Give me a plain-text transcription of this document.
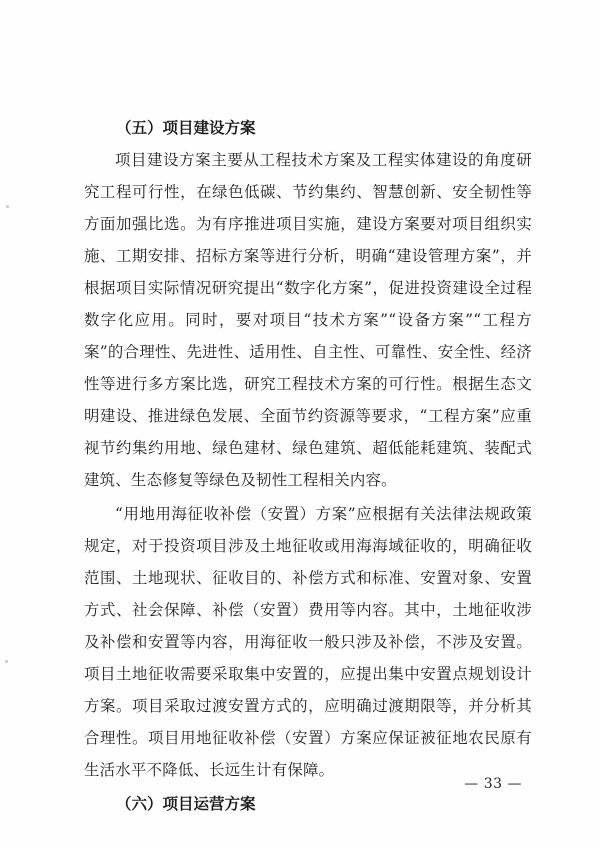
（五）项目建设方案

项目建设方案主要从工程技术方案及工程实体建设的角度研究工程可行性，在绿色低碳、节约集约、智慧创新、安全韧性等方面加强比选。为有序推进项目实施，建设方案要对项目组织实施、工期安排、招标方案等进行分析，明确“建设管理方案”，并根据项目实际情况研究提出“数字化方案”，促进投资建设全过程数字化应用。同时，要对项目“技术方案”“设备方案”“工程方案”的合理性、先进性、适用性、自主性、可靠性、安全性、经济性等进行多方案比选，研究工程技术方案的可行性。根据生态文明建设、推进绿色发展、全面节约资源等要求，“工程方案”应重视节约集约用地、绿色建材、绿色建筑、超低能耗建筑、装配式建筑、生态修复等绿色及韧性工程相关内容。

“用地用海征收补偿（安置）方案”应根据有关法律法规政策规定，对于投资项目涉及土地征收或用海海域征收的，明确征收范围、土地现状、征收目的、补偿方式和标准、安置对象、安置方式、社会保障、补偿（安置）费用等内容。其中，土地征收涉及补偿和安置等内容，用海征收一般只涉及补偿，不涉及安置。项目土地征收需要采取集中安置的，应提出集中安置点规划设计方案。项目采取过渡安置方式的，应明确过渡期限等，并分析其合理性。项目用地征收补偿（安置）方案应保证被征地农民原有生活水平不降低、长远生计有保障。

（六）项目运营方案
— 33 —
